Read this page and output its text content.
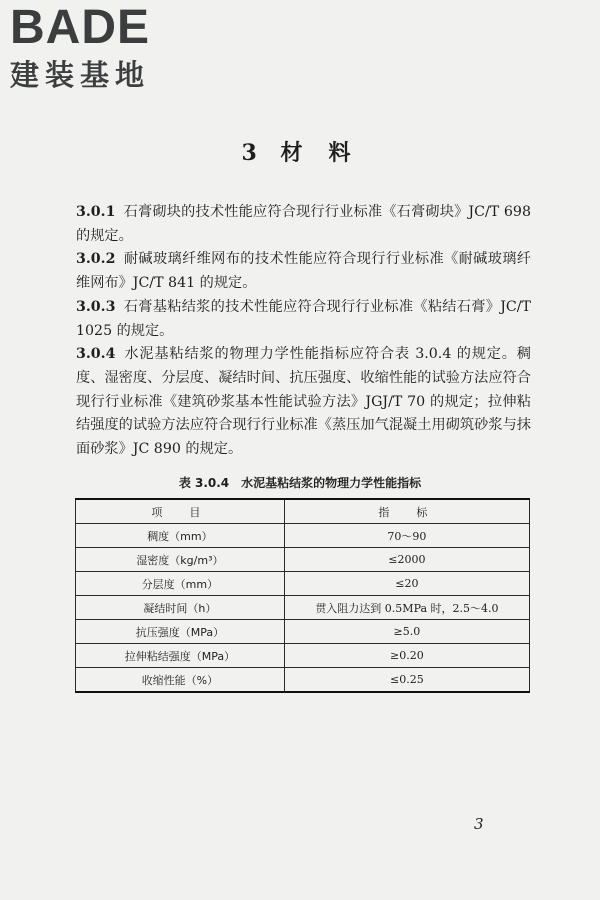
BADE
建装基地
3 材 料
3.0.1 石膏砌块的技术性能应符合现行行业标准《石膏砌块》JC/T 698 的规定。
3.0.2 耐碱玻璃纤维网布的技术性能应符合现行行业标准《耐碱玻璃纤维网布》JC/T 841 的规定。
3.0.3 石膏基粘结浆的技术性能应符合现行行业标准《粘结石膏》JC/T 1025 的规定。
3.0.4 水泥基粘结浆的物理力学性能指标应符合表 3.0.4 的规定。稠度、湿密度、分层度、凝结时间、抗压强度、收缩性能的试验方法应符合现行行业标准《建筑砂浆基本性能试验方法》JGJ/T 70 的规定；拉伸粘结强度的试验方法应符合现行行业标准《蒸压加气混凝土用砌筑砂浆与抹面砂浆》JC 890 的规定。
表 3.0.4　水泥基粘结浆的物理力学性能指标
项　目	指　标
稠度（mm）	70～90
湿密度（kg/m³）	≤2000
分层度（mm）	≤20
凝结时间（h）	贯入阻力达到 0.5MPa 时，2.5～4.0
抗压强度（MPa）	≥5.0
拉伸粘结强度（MPa）	≥0.20
收缩性能（%）	≤0.25
3
